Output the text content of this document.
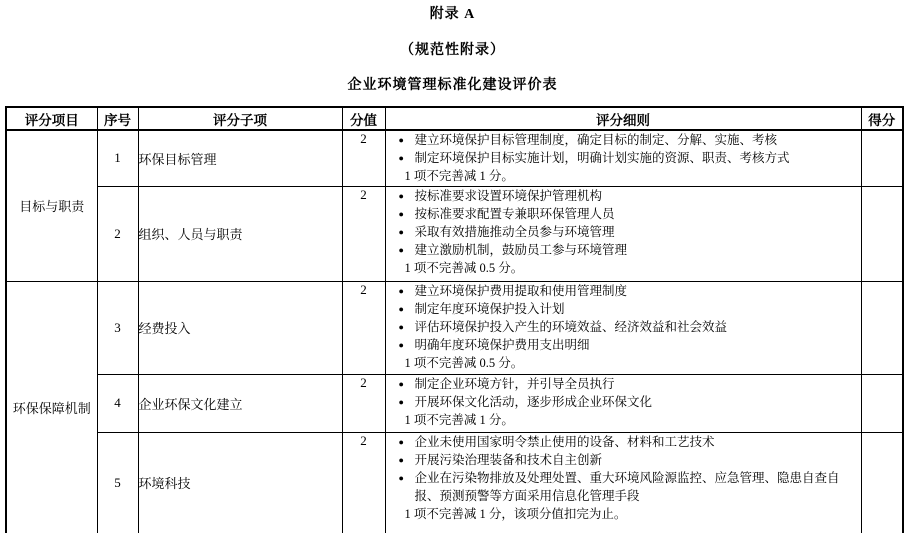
附录 A
（规范性附录）
企业环境管理标准化建设评价表
评分项目	序号	评分子项	分值	评分细则	得分
目标与职责	1	环保目标管理	2	● 建立环境保护目标管理制度，确定目标的制定、分解、实施、考核
● 制定环境保护目标实施计划，明确计划实施的资源、职责、考核方式
1 项不完善减 1 分。	

2	组织、人员与职责	2	● 按标准要求设置环境保护管理机构
● 按标准要求配置专兼职环保管理人员
● 采取有效措施推动全员参与环境管理
● 建立激励机制，鼓励员工参与环境管理
1 项不完善减 0.5 分。

环保保障机制	3	经费投入	2	● 建立环境保护费用提取和使用管理制度
● 制定年度环境保护投入计划
● 评估环境保护投入产生的环境效益、经济效益和社会效益
● 明确年度环境保护费用支出明细
1 项不完善减 0.5 分。

	4	企业环保文化建立	2	● 制定企业环境方针，并引导全员执行
● 开展环保文化活动，逐步形成企业环保文化
1 项不完善减 1 分。	

5	环境科技	2	● 企业未使用国家明令禁止使用的设备、材料和工艺技术
● 开展污染治理装备和技术自主创新
● 企业在污染物排放及处理处置、重大环境风险源监控、应急管理、隐患自查自报、预测预警等方面采用信息化管理手段
1 项不完善减 1 分，该项分值扣完为止。
